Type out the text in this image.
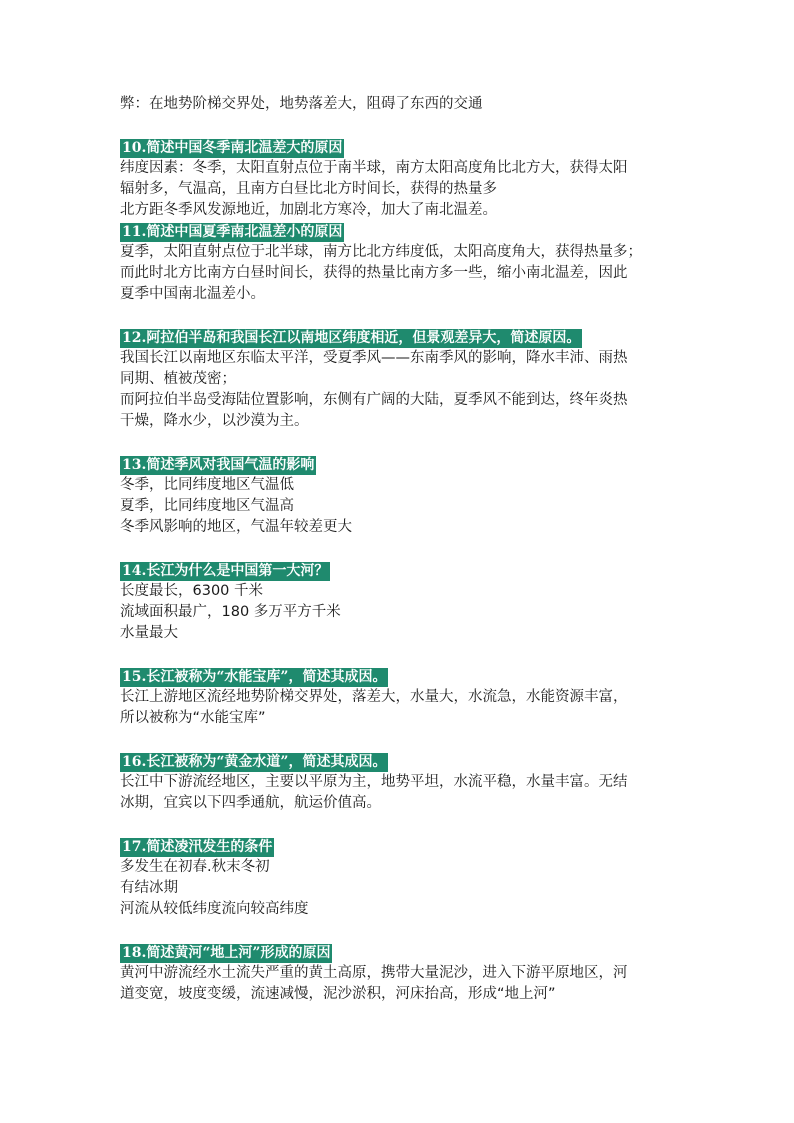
弊：在地势阶梯交界处，地势落差大，阻碍了东西的交通
10.简述中国冬季南北温差大的原因
纬度因素：冬季，太阳直射点位于南半球，南方太阳高度角比北方大，获得太阳
辐射多，气温高，且南方白昼比北方时间长，获得的热量多
北方距冬季风发源地近，加剧北方寒冷，加大了南北温差。
11.简述中国夏季南北温差小的原因
夏季，太阳直射点位于北半球，南方比北方纬度低，太阳高度角大，获得热量多；
而此时北方比南方白昼时间长，获得的热量比南方多一些，缩小南北温差，因此
夏季中国南北温差小。
12.阿拉伯半岛和我国长江以南地区纬度相近，但景观差异大，简述原因。
我国长江以南地区东临太平洋，受夏季风——东南季风的影响，降水丰沛、雨热
同期、植被茂密；
而阿拉伯半岛受海陆位置影响，东侧有广阔的大陆，夏季风不能到达，终年炎热
干燥，降水少，以沙漠为主。
13.简述季风对我国气温的影响
冬季，比同纬度地区气温低
夏季，比同纬度地区气温高
冬季风影响的地区，气温年较差更大
14.长江为什么是中国第一大河？
长度最长，6300 千米
流域面积最广，180 多万平方千米
水量最大
15.长江被称为“水能宝库”，简述其成因。
长江上游地区流经地势阶梯交界处，落差大，水量大，水流急，水能资源丰富，
所以被称为“水能宝库”
16.长江被称为“黄金水道”，简述其成因。
长江中下游流经地区，主要以平原为主，地势平坦，水流平稳，水量丰富。无结
冰期，宜宾以下四季通航，航运价值高。
17.简述凌汛发生的条件
多发生在初春.秋末冬初
有结冰期
河流从较低纬度流向较高纬度
18.简述黄河“地上河”形成的原因
黄河中游流经水土流失严重的黄土高原，携带大量泥沙，进入下游平原地区，河
道变宽，坡度变缓，流速减慢，泥沙淤积，河床抬高，形成“地上河”
